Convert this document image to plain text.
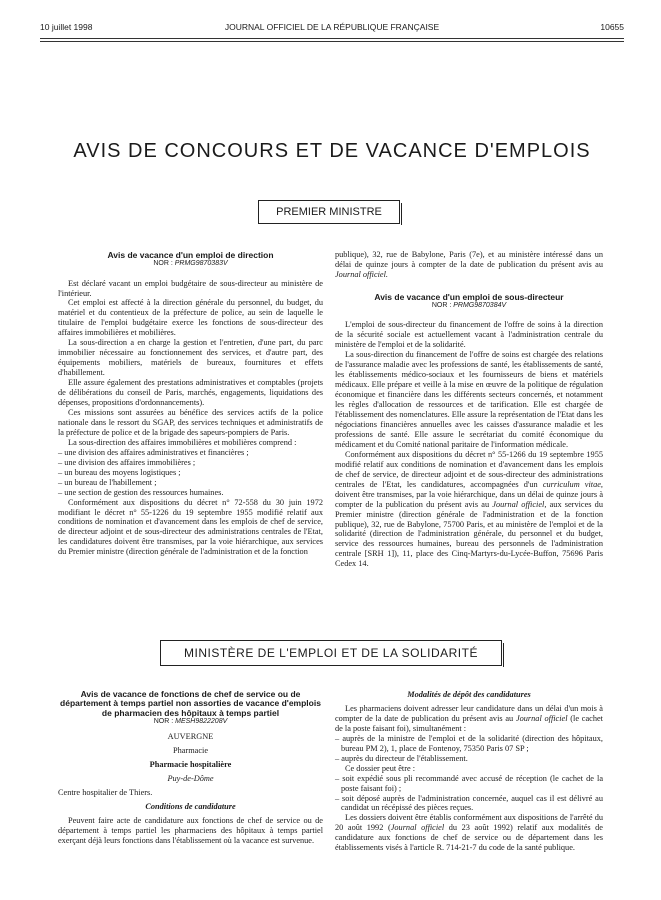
10 juillet 1998	JOURNAL OFFICIEL DE LA RÉPUBLIQUE FRANÇAISE	10655
AVIS DE CONCOURS ET DE VACANCE D'EMPLOIS
PREMIER MINISTRE
Avis de vacance d'un emploi de direction
NOR : PRMG9870383V

Est déclaré vacant un emploi budgétaire de sous-directeur au ministère de l'intérieur.

Cet emploi est affecté à la direction générale du personnel, du budget, du matériel et du contentieux de la préfecture de police, au sein de laquelle le titulaire de l'emploi budgétaire exerce les fonctions de sous-directeur des affaires immobilières et mobilières.

La sous-direction a en charge la gestion et l'entretien, d'une part, du parc immobilier nécessaire au fonctionnement des services, et d'autre part, des équipements mobiliers, matériels de bureaux, fournitures et effets d'habillement.

Elle assure également des prestations administratives et comptables (projets de délibérations du conseil de Paris, marchés, engagements, liquidations des dépenses, propositions d'ordonnancements).

Ces missions sont assurées au bénéfice des services actifs de la police nationale dans le ressort du SGAP, des services techniques et administratifs de la préfecture de police et de la brigade des sapeurs-pompiers de Paris.

La sous-direction des affaires immobilières et mobilières comprend :

– une division des affaires administratives et financières ;
– une division des affaires immobilières ;
– un bureau des moyens logistiques ;
– un bureau de l'habillement ;
– une section de gestion des ressources humaines.

Conformément aux dispositions du décret n° 72-558 du 30 juin 1972 modifiant le décret n° 55-1226 du 19 septembre 1955 modifié relatif aux conditions de nomination et d'avancement dans les emplois de chef de service, de directeur adjoint et de sous-directeur des administrations centrales de l'Etat, les candidatures doivent être transmises, par la voie hiérarchique, aux services du Premier ministre (direction générale de l'administration et de la fonction

publique), 32, rue de Babylone, Paris (7e), et au ministère intéressé dans un délai de quinze jours à compter de la date de publication du présent avis au Journal officiel.

Avis de vacance d'un emploi de sous-directeur
NOR : PRMG9870384V

L'emploi de sous-directeur du financement de l'offre de soins à la direction de la sécurité sociale est actuellement vacant à l'administration centrale du ministère de l'emploi et de la solidarité.

La sous-direction du financement de l'offre de soins est chargée des relations de l'assurance maladie avec les professions de santé, les établissements de santé, les établissements médico-sociaux et les fournisseurs de biens et matériels médicaux. Elle prépare et veille à la mise en œuvre de la politique de régulation économique et financière dans les différents secteurs concernés, et notamment les règles d'allocation de ressources et de tarification. Elle est chargée de l'établissement des nomenclatures. Elle assure la représentation de l'Etat dans les négociations financières annuelles avec les caisses d'assurance maladie et les professions de santé. Elle assure le secrétariat du comité économique du médicament et du Comité national paritaire de l'information médicale.

Conformément aux dispositions du décret n° 55-1266 du 19 septembre 1955 modifié relatif aux conditions de nomination et d'avancement dans les emplois de chef de service, de directeur adjoint et de sous-directeur des administrations centrales de l'Etat, les candidatures, accompagnées d'un curriculum vitae, doivent être transmises, par la voie hiérarchique, dans un délai de quinze jours à compter de la publication du présent avis au Journal officiel, aux services du Premier ministre (direction générale de l'administration et de la fonction publique), 32, rue de Babylone, 75700 Paris, et au ministère de l'emploi et de la solidarité (direction de l'administration générale, du personnel et du budget, service des ressources humaines, bureau des personnels de l'administration centrale [SRH 1]), 11, place des Cinq-Martyrs-du-Lycée-Buffon, 75696 Paris Cedex 14.

MINISTÈRE DE L'EMPLOI ET DE LA SOLIDARITÉ
Avis de vacance de fonctions de chef de service ou de département à temps partiel non assorties de vacance d'emplois de pharmacien des hôpitaux à temps partiel
NOR : MESH9822208V

AUVERGNE

Pharmacie

Pharmacie hospitalière

Puy-de-Dôme

Centre hospitalier de Thiers.

Conditions de candidature

Peuvent faire acte de candidature aux fonctions de chef de service ou de département à temps partiel les pharmaciens des hôpitaux à temps partiel exerçant déjà leurs fonctions dans l'établissement où la vacance est survenue.

Modalités de dépôt des candidatures

Les pharmaciens doivent adresser leur candidature dans un délai d'un mois à compter de la date de publication du présent avis au Journal officiel (le cachet de la poste faisant foi), simultanément :

– auprès de la ministre de l'emploi et de la solidarité (direction des hôpitaux, bureau PM 2), 1, place de Fontenoy, 75350 Paris 07 SP ;
– auprès du directeur de l'établissement.

Ce dossier peut être :

– soit expédié sous pli recommandé avec accusé de réception (le cachet de la poste faisant foi) ;
– soit déposé auprès de l'administration concernée, auquel cas il est délivré au candidat un récépissé des pièces reçues.

Les dossiers doivent être établis conformément aux dispositions de l'arrêté du 20 août 1992 (Journal officiel du 23 août 1992) relatif aux modalités de candidature aux fonctions de chef de service ou de département dans les établissements visés à l'article R. 714-21-7 du code de la santé publique.
